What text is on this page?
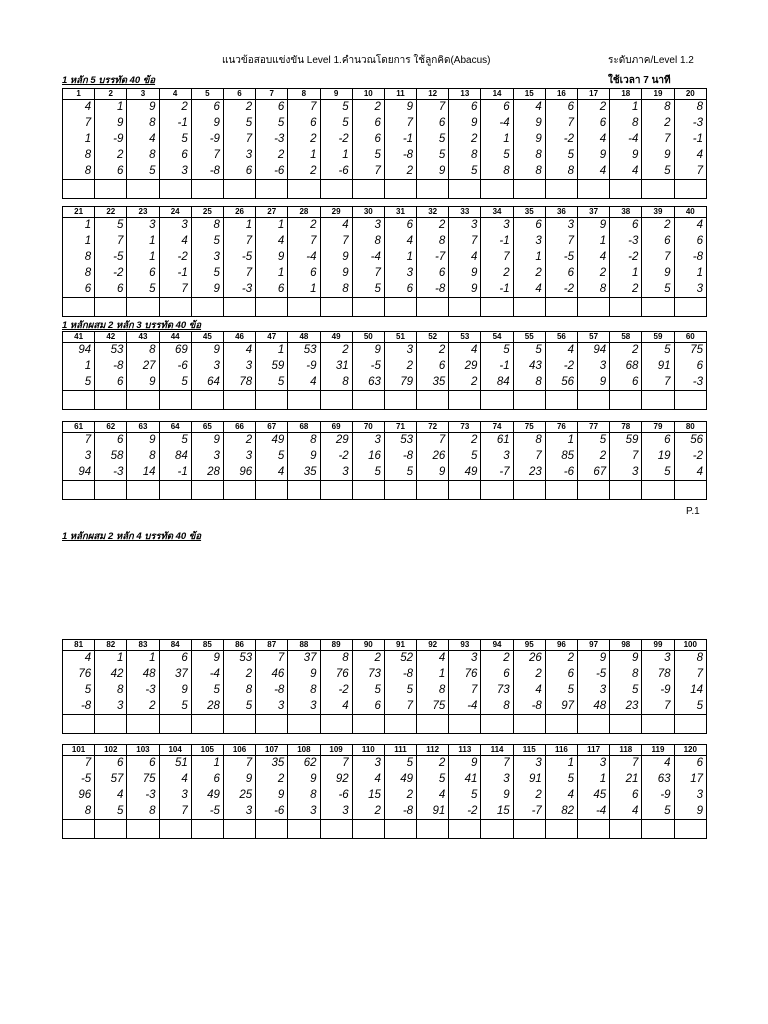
แนวข้อสอบแข่งขัน Level 1.คำนวณโดยการ ใช้ลูกคิด(Abacus)	ระดับภาค/Level 1.2
ใช้เวลา 7 นาที
1 หลัก 5 บรรทัด 40 ข้อ
1 หลักผสม 2 หลัก 3 บรรทัด 40 ข้อ
1 หลักผสม 2 หลัก 4 บรรทัด 40 ข้อ
1	2	3	4	5	6	7	8	9	10	11	12	13	14	15	16	17	18	19	20
4	1	9	2	6	2	6	7	5	2	9	7	6	6	4	6	2	1	8	8
7	9	8	-1	9	5	5	6	5	6	7	6	9	-4	9	7	6	8	2	-3
1	-9	4	5	-9	7	-3	2	-2	6	-1	5	2	1	9	-2	4	-4	7	-1
8	2	8	6	7	3	2	1	1	5	-8	5	8	5	8	5	9	9	9	4
8	6	5	3	-8	6	-6	2	-6	7	2	9	5	8	8	8	4	4	5	7

21	22	23	24	25	26	27	28	29	30	31	32	33	34	35	36	37	38	39	40
1	5	3	3	8	1	1	2	4	3	6	2	3	3	6	3	9	6	2	4
1	7	1	4	5	7	4	7	7	8	4	8	7	-1	3	7	1	-3	6	6
8	-5	1	-2	3	-5	9	-4	9	-4	1	-7	4	7	1	-5	4	-2	7	-8
8	-2	6	-1	5	7	1	6	9	7	3	6	9	2	2	6	2	1	9	1
6	6	5	7	9	-3	6	1	8	5	6	-8	9	-1	4	-2	8	2	5	3

41	42	43	44	45	46	47	48	49	50	51	52	53	54	55	56	57	58	59	60
94	53	8	69	9	4	1	53	2	9	3	2	4	5	5	4	94	2	5	75
1	-8	27	-6	3	3	59	-9	31	-5	2	6	29	-1	43	-2	3	68	91	6
5	6	9	5	64	78	5	4	8	63	79	35	2	84	8	56	9	6	7	-3

61	62	63	64	65	66	67	68	69	70	71	72	73	74	75	76	77	78	79	80
7	6	9	5	9	2	49	8	29	3	53	7	2	61	8	1	5	59	6	56
3	58	8	84	3	3	5	9	-2	16	-8	26	5	3	7	85	2	7	19	-2
94	-3	14	-1	28	96	4	35	3	5	5	9	49	-7	23	-6	67	3	5	4

81	82	83	84	85	86	87	88	89	90	91	92	93	94	95	96	97	98	99	100
4	1	1	6	9	53	7	37	8	2	52	4	3	2	26	2	9	9	3	8
76	42	48	37	-4	2	46	9	76	73	-8	1	76	6	2	6	-5	8	78	7
5	8	-3	9	5	8	-8	8	-2	5	5	8	7	73	4	5	3	5	-9	14
-8	3	2	5	28	5	3	3	4	6	7	75	-4	8	-8	97	48	23	7	5

101	102	103	104	105	106	107	108	109	110	111	112	113	114	115	116	117	118	119	120
7	6	6	51	1	7	35	62	7	3	5	2	9	7	3	1	3	7	4	6
-5	57	75	4	6	9	2	9	92	4	49	5	41	3	91	5	1	21	63	17
96	4	-3	3	49	25	9	8	-6	15	2	4	5	9	2	4	45	6	-9	3
8	5	8	7	-5	3	-6	3	3	2	-8	91	-2	15	-7	82	-4	4	5	9

P.1
